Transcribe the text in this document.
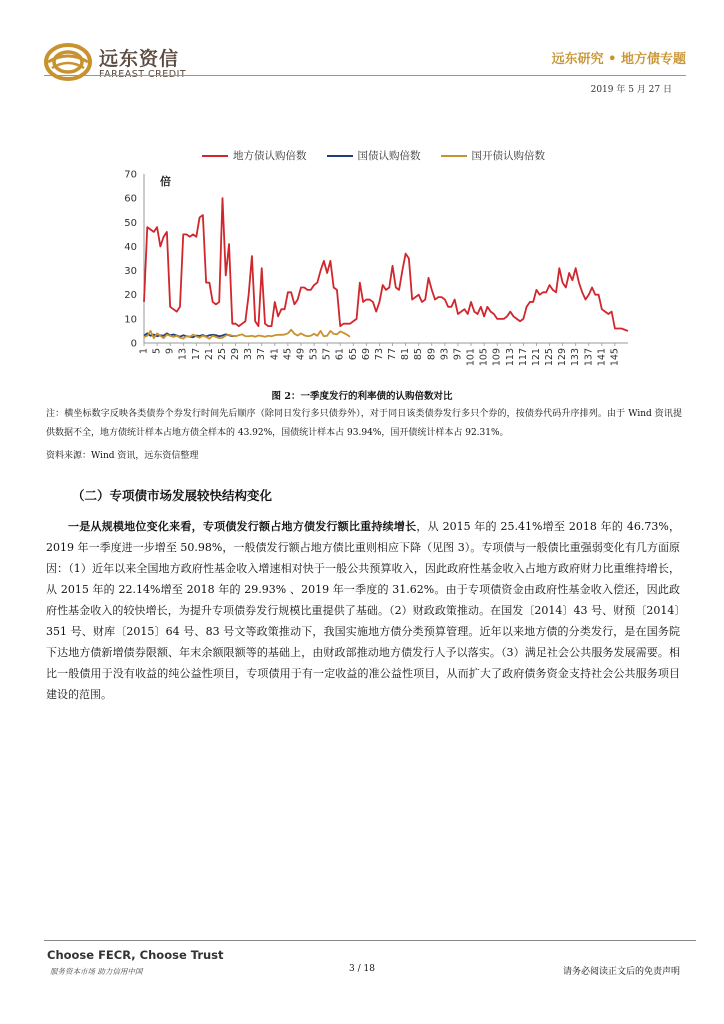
远东资信
FAREAST CREDIT
远东研究 • 地方债专题
2019 年 5 月 27 日
地方债认购倍数	国债认购倍数	国开债认购倍数
0
10
20
30
40
50
60
70 倍
1 5 9 13 17 21 25 29 33 37 41 45 49 53 57 61 65 69 73 77 81 85 89 93 97 101 105 109 113 117 121 125 129 133 137 141 145
图 2：一季度发行的利率债的认购倍数对比
注：横坐标数字反映各类债券个券发行时间先后顺序（除同日发行多只债券外），对于同日该类债券发行多只个券的，按债券代码升序排列。由于 Wind 资讯提供数据不全，地方债统计样本占地方债全样本的 43.92%，国债统计样本占 93.94%，国开债统计样本占 92.31%。
资料来源：Wind 资讯，远东资信整理
（二）专项债市场发展较快结构变化
一是从规模地位变化来看，专项债发行额占地方债发行额比重持续增长，从 2015 年的 25.41%增至 2018 年的 46.73%，2019 年一季度进一步增至 50.98%，一般债发行额占地方债比重则相应下降（见图 3）。专项债与一般债比重强弱变化有几方面原因：（1）近年以来全国地方政府性基金收入增速相对快于一般公共预算收入，因此政府性基金收入占地方政府财力比重维持增长，从 2015 年的 22.14%增至 2018 年的 29.93% 、2019 年一季度的 31.62%。由于专项债资金由政府性基金收入偿还，因此政府性基金收入的较快增长，为提升专项债券发行规模比重提供了基础。（2）财政政策推动。在国发〔2014〕43 号、财预〔2014〕351 号、财库〔2015〕64 号、83 号文等政策推动下，我国实施地方债分类预算管理。近年以来地方债的分类发行，是在国务院下达地方债新增债券限额、年末余额限额等的基础上，由财政部推动地方债发行人予以落实。（3）满足社会公共服务发展需要。相比一般债用于没有收益的纯公益性项目，专项债用于有一定收益的准公益性项目，从而扩大了政府债务资金支持社会公共服务项目建设的范围。
Choose FECR, Choose Trust
服务资本市场 助力信用中国	3 / 18	请务必阅读正文后的免责声明
